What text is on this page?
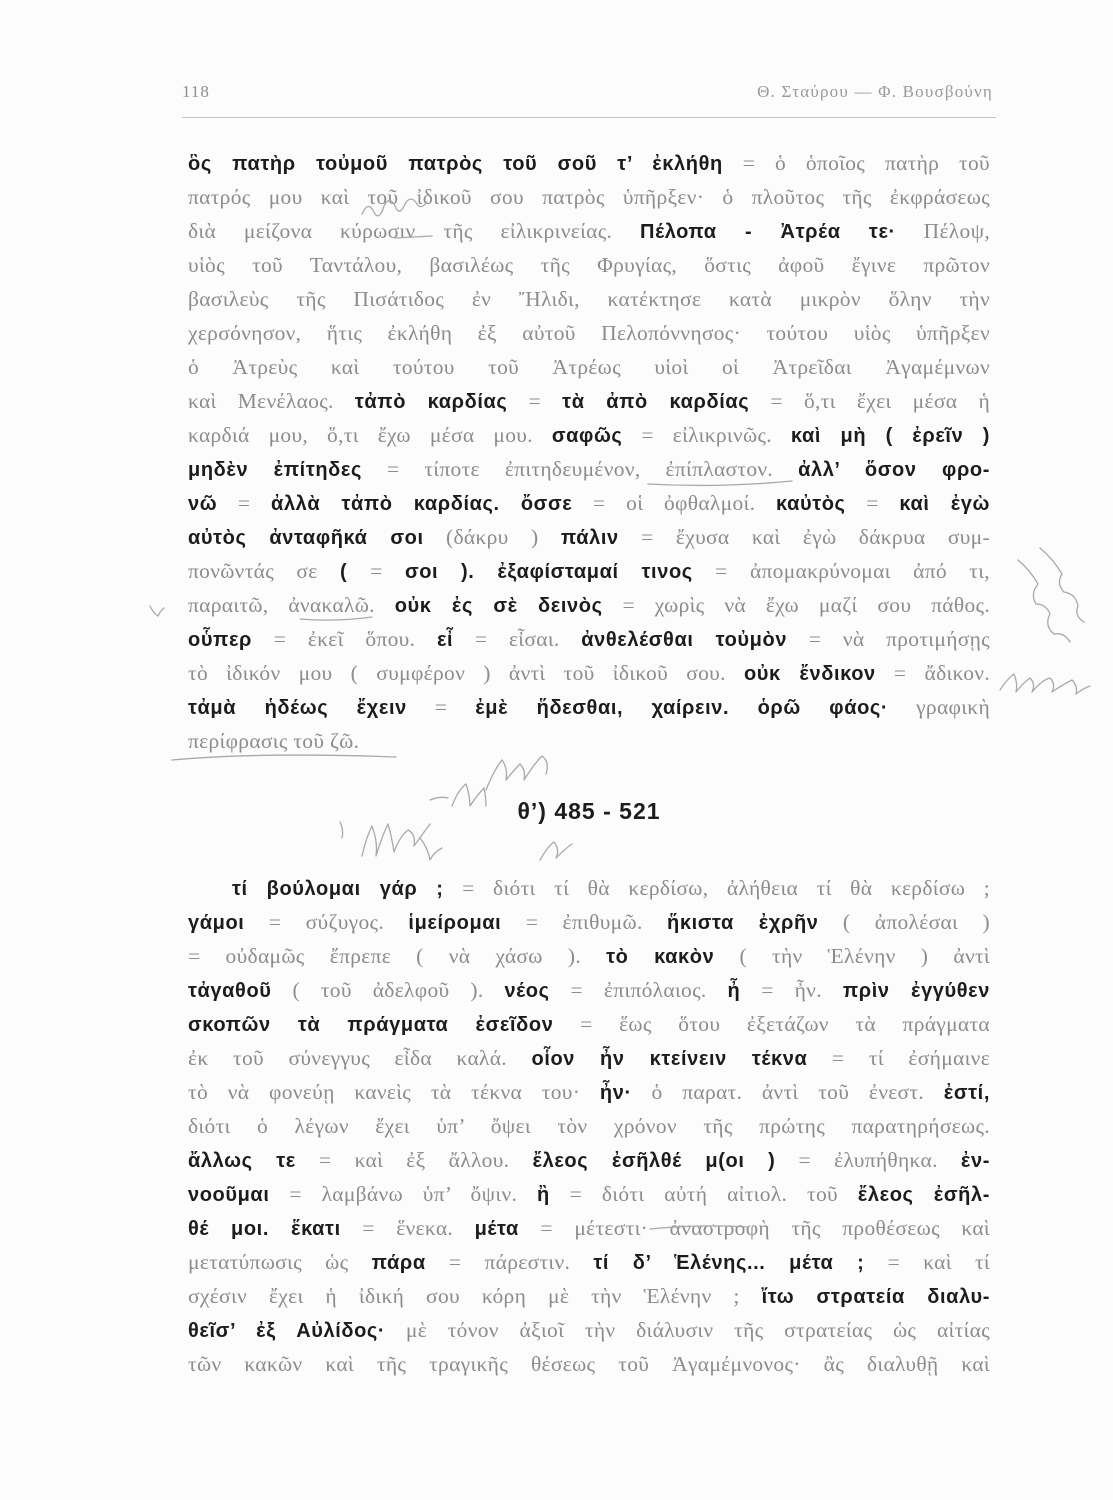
118	Θ. Σταύρου — Φ. Βουσβούνη
ὃς πατὴρ τοὐμοῦ πατρὸς τοῦ σοῦ τ’ ἐκλήθη = ὁ ὁποῖος πατὴρ τοῦ
πατρός μου καὶ τοῦ ἰδικοῦ σου πατρὸς ὑπῆρξεν· ὁ πλοῦτος τῆς ἐκφράσεως
διὰ μείζονα κύρωσιν τῆς εἰλικρινείας. Πέλοπα - Ἀτρέα τε· Πέλοψ,
υἱὸς τοῦ Ταντάλου, βασιλέως τῆς Φρυγίας, ὅστις ἀφοῦ ἔγινε πρῶτον
βασιλεὺς τῆς Πισάτιδος ἐν Ἤλιδι, κατέκτησε κατὰ μικρὸν ὅλην τὴν
χερσόνησον, ἥτις ἐκλήθη ἐξ αὐτοῦ Πελοπόννησος· τούτου υἱὸς ὑπῆρξεν
ὁ Ἀτρεὺς καὶ τούτου τοῦ Ἀτρέως υἱοὶ οἱ Ἀτρεῖδαι Ἀγαμέμνων
καὶ Μενέλαος. τἀπὸ καρδίας = τὰ ἀπὸ καρδίας = ὅ,τι ἔχει μέσα ἡ
καρδιά μου, ὅ,τι ἔχω μέσα μου. σαφῶς = εἰλικρινῶς. καὶ μὴ ( ἐρεῖν )
μηδὲν ἐπίτηδες = τίποτε ἐπιτηδευμένον, ἐπίπλαστον. ἀλλ’ ὅσον φρο-
νῶ = ἀλλὰ τἀπὸ καρδίας. ὄσσε = οἱ ὀφθαλμοί. καὐτὸς = καὶ ἐγὼ
αὐτὸς ἀνταφῆκά σοι (δάκρυ ) πάλιν = ἔχυσα καὶ ἐγὼ δάκρυα συμ-
πονῶντάς σε ( = σοι ). ἐξαφίσταμαί τινος = ἀπομακρύνομαι ἀπό τι,
παραιτῶ, ἀνακαλῶ. οὐκ ἐς σὲ δεινὸς = χωρὶς νὰ ἔχω μαζί σου πάθος.
οὗπερ = ἐκεῖ ὅπου. εἶ = εἶσαι. ἀνθελέσθαι τοὐμὸν = νὰ προτιμήσῃς
τὸ ἰδικόν μου ( συμφέρον ) ἀντὶ τοῦ ἰδικοῦ σου. οὐκ ἔνδικον = ἄδικον.
τἀμὰ ἡδέως ἔχειν = ἐμὲ ἥδεσθαι, χαίρειν. ὁρῶ φάος· γραφικὴ
περίφρασις τοῦ ζῶ.
θ’) 485 - 521
τί βούλομαι γάρ ; = διότι τί θὰ κερδίσω, ἀλήθεια τί θὰ κερδίσω ;
γάμοι = σύζυγος. ἱμείρομαι = ἐπιθυμῶ. ἥκιστα ἐχρῆν ( ἀπολέσαι )
= οὐδαμῶς ἔπρεπε ( νὰ χάσω ). τὸ κακὸν ( τὴν Ἑλένην ) ἀντὶ
τἀγαθοῦ ( τοῦ ἀδελφοῦ ). νέος = ἐπιπόλαιος. ἦ = ἦν. πρὶν ἐγγύθεν
σκοπῶν τὰ πράγματα ἐσεῖδον = ἕως ὅτου ἐξετάζων τὰ πράγματα
ἐκ τοῦ σύνεγγυς εἶδα καλά. οἷον ἦν κτείνειν τέκνα = τί ἐσήμαινε
τὸ νὰ φονεύῃ κανεὶς τὰ τέκνα του· ἦν· ὁ παρατ. ἀντὶ τοῦ ἐνεστ. ἐστί,
διότι ὁ λέγων ἔχει ὑπ’ ὄψει τὸν χρόνον τῆς πρώτης παρατηρήσεως.
ἄλλως τε = καὶ ἐξ ἄλλου. ἔλεος ἐσῆλθέ μ(οι ) = ἐλυπήθηκα. ἐν-
νοοῦμαι = λαμβάνω ὑπ’ ὄψιν. ἢ = διότι αὐτή αἰτιολ. τοῦ ἔλεος ἐσῆλ-
θέ μοι. ἕκατι = ἕνεκα. μέτα = μέτεστι· ἀναστροφὴ τῆς προθέσεως καὶ
μετατύπωσις ὡς πάρα = πάρεστιν. τί δ’ Ἑλένης... μέτα ; = καὶ τί
σχέσιν ἔχει ἡ ἰδική σου κόρη μὲ τὴν Ἑλένην ; ἴτω στρατεία διαλυ-
θεῖσ’ ἐξ Αὐλίδος· μὲ τόνον ἀξιοῖ τὴν διάλυσιν τῆς στρατείας ὡς αἰτίας
τῶν κακῶν καὶ τῆς τραγικῆς θέσεως τοῦ Ἀγαμέμνονος· ἂς διαλυθῇ καὶ
